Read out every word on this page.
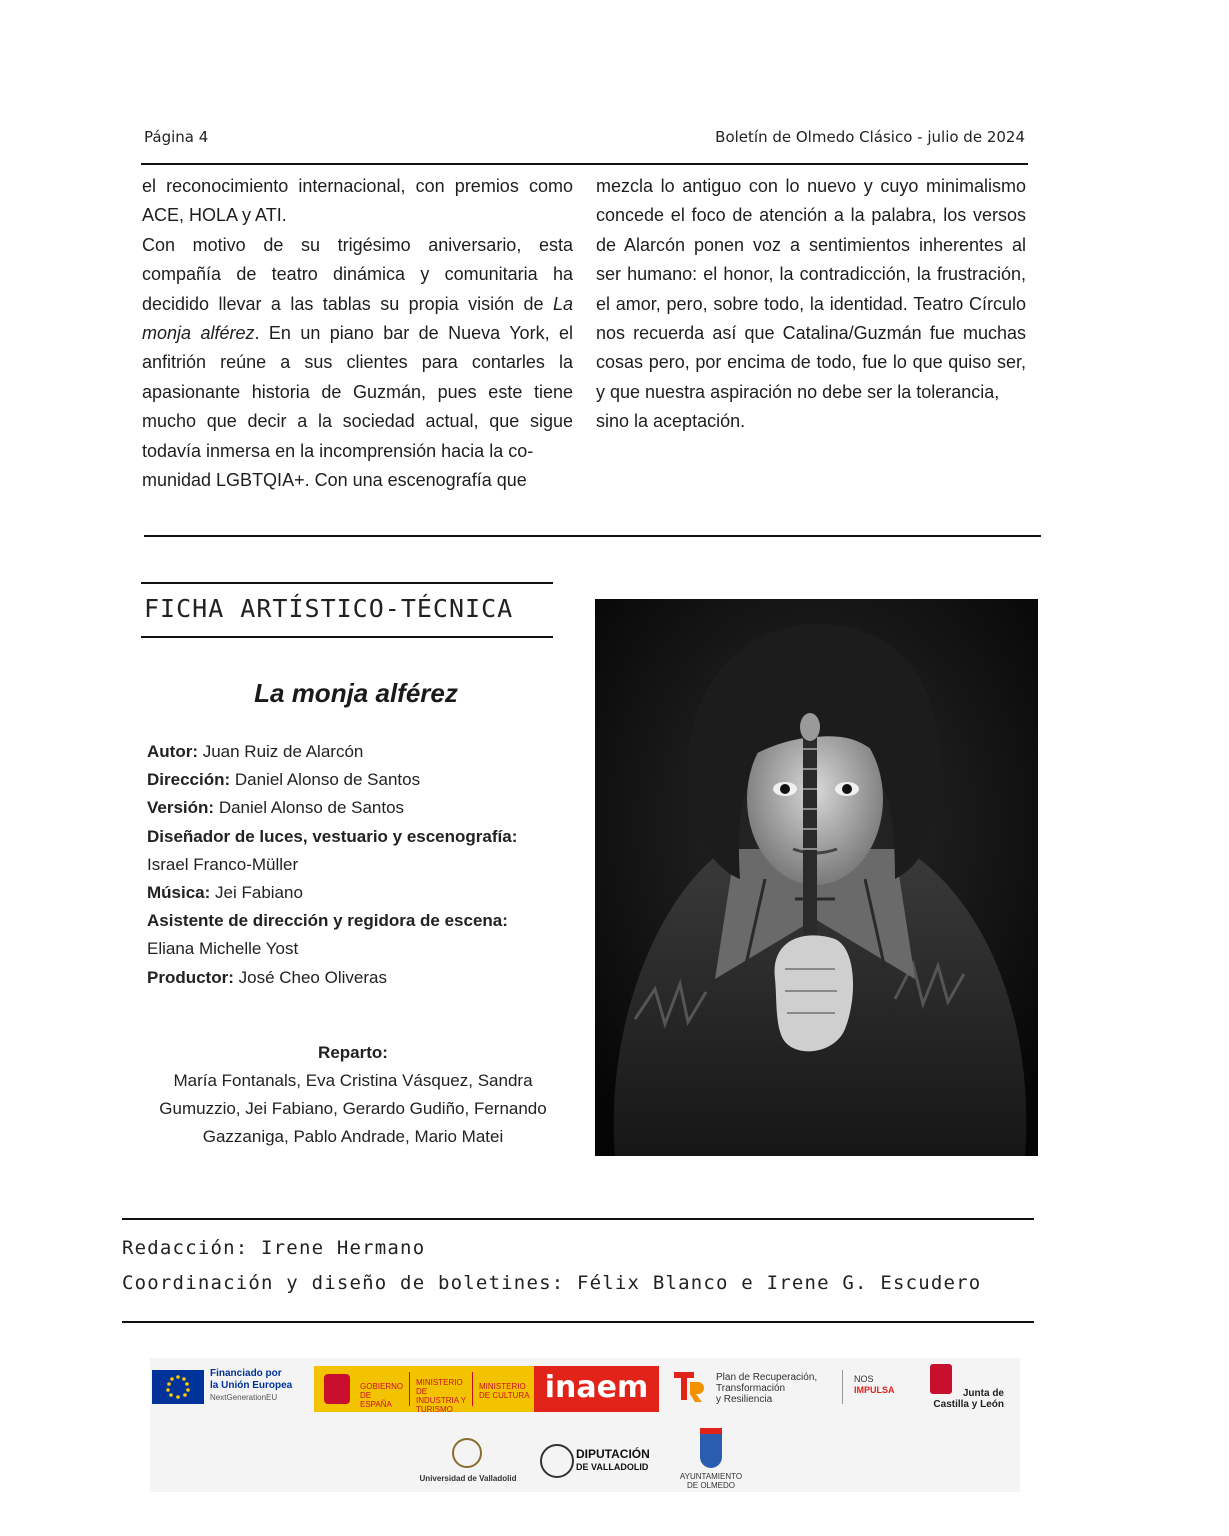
Página 4	Boletín de Olmedo Clásico - julio de 2024

el reconocimiento internacional, con premios como ACE, HOLA y ATI.

Con motivo de su trigésimo aniversario, esta compañía de teatro dinámica y comunitaria ha decidido llevar a las tablas su propia visión de La monja alférez. En un piano bar de Nueva York, el anfitrión reúne a sus clientes para contarles la apasionante historia de Guzmán, pues este tiene mucho que decir a la sociedad actual, que sigue todavía inmersa en la incomprensión hacia la co-

munidad LGBTQIA+. Con una escenografía que

mezcla lo antiguo con lo nuevo y cuyo minimalismo concede el foco de atención a la palabra, los versos de Alarcón ponen voz a sentimientos inherentes al ser humano: el honor, la contradicción, la frustración, el amor, pero, sobre todo, la identidad. Teatro Círculo nos recuerda así que Catalina/Guzmán fue muchas cosas pero, por encima de todo, fue lo que quiso ser, y que nuestra aspiración no debe ser la tolerancia,

sino la aceptación.

FICHA ARTÍSTICO-TÉCNICA
La monja alférez
Autor: Juan Ruiz de Alarcón
Dirección: Daniel Alonso de Santos
Versión: Daniel Alonso de Santos
Diseñador de luces, vestuario y escenografía:
Israel Franco-Müller
Música: Jei Fabiano
Asistente de dirección y regidora de escena:
Eliana Michelle Yost
Productor: José Cheo Oliveras
Reparto:
María Fontanals, Eva Cristina Vásquez, Sandra
Gumuzzio, Jei Fabiano, Gerardo Gudiño, Fernando
Gazzaniga, Pablo Andrade, Mario Matei
Redacción: Irene Hermano
Coordinación y diseño de boletines: Félix Blanco e Irene G. Escudero
Financiado por
la Unión Europea
NextGenerationEU
GOBIERNO DE ESPAÑA
MINISTERIO DE INDUSTRIA Y TURISMO
MINISTERIO DE CULTURA inaem	Plan de Recuperación,
Transformación
y Resiliencia
NOS
IMPULSA	Junta de
Castilla y León
Universidad de Valladolid
DIPUTACIÓN
DE VALLADOLID
AYUNTAMIENTO
DE OLMEDO
